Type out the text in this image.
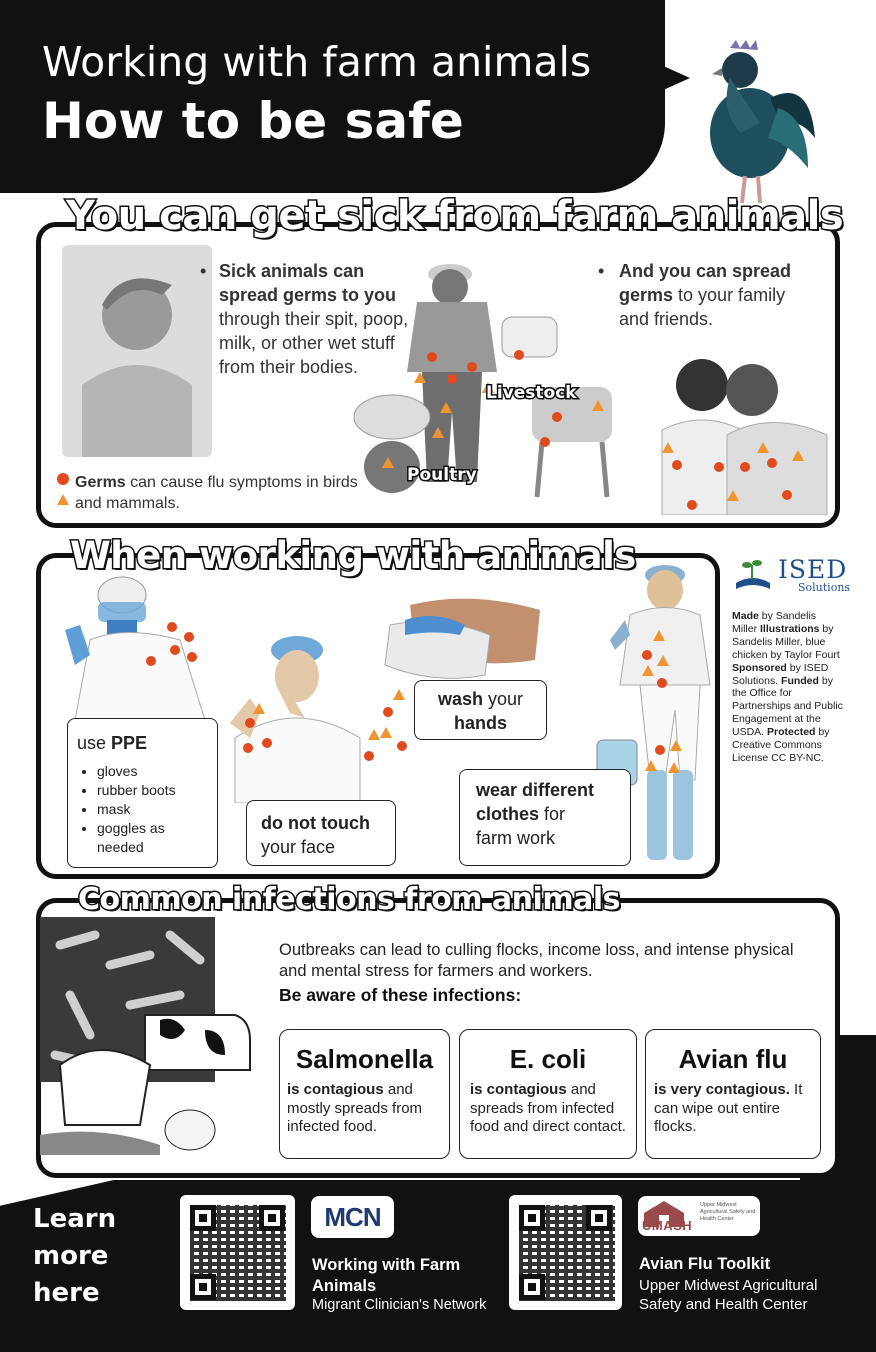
Working with farm animals
How to be safe
You can get sick from farm animals
• Sick animals can spread germs to you through their spit, poop, milk, or other wet stuff from their bodies.
Livestock
Poultry
• And you can spread germs to your family and friends.
Germs can cause flu symptoms in birds and mammals.
When working with animals
use PPE
• gloves
• rubber boots
• mask
• goggles as
needed
do not touch
your face
wash your
hands
wear different clothes for
farm work
ISED
Solutions
Made by Sandelis Miller Illustrations by Sandelis Miller, blue chicken by Taylor Fourt Sponsored by ISED Solutions. Funded by the Office for Partnerships and Public Engagement at the USDA. Protected by Creative Commons License CC BY-NC.
Common infections from animals
Outbreaks can lead to culling flocks, income loss, and intense physical and mental stress for farmers and workers.
Be aware of these infections:
Salmonella
is contagious and mostly spreads from infected food.
E. coli
is contagious and spreads from infected food and direct contact.
Avian flu
is very contagious. It can wipe out entire flocks.
Learn
more
here
MCN
Working with Farm Animals
Migrant Clinician's Network
UMASH
Upper Midwest Agricultural Safety and Health Center
Avian Flu Toolkit
Upper Midwest Agricultural Safety and Health Center
